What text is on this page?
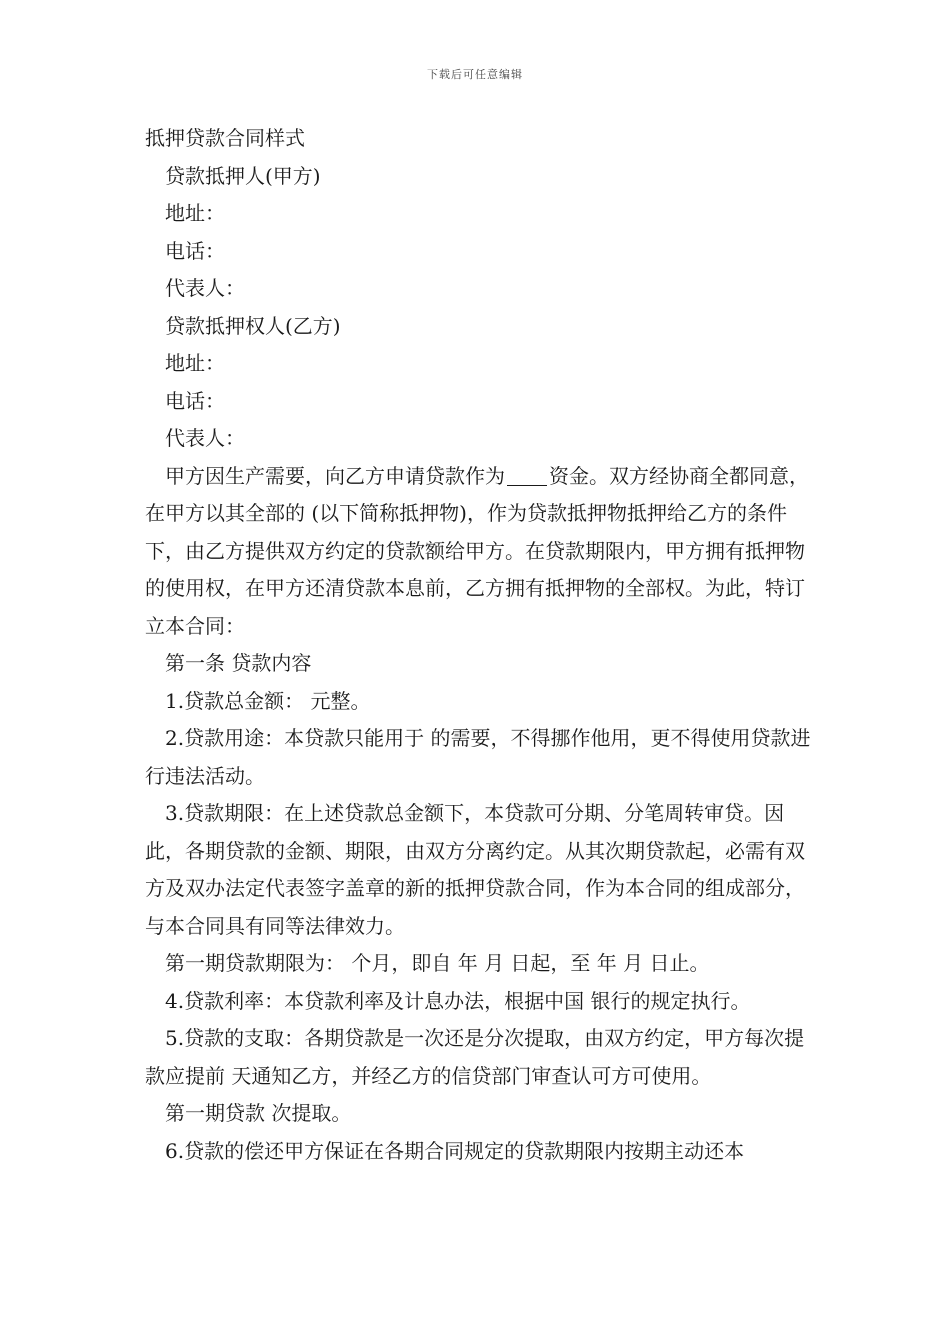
下载后可任意编辑

抵押贷款合同样式

贷款抵押人(甲方)

地址：

电话：

代表人：

贷款抵押权人(乙方)

地址：

电话：

代表人：

甲方因生产需要，向乙方申请贷款作为 资金。双方经协商全都同意，在甲方以其全部的 (以下简称抵押物)，作为贷款抵押物抵押给乙方的条件下，由乙方提供双方约定的贷款额给甲方。在贷款期限内，甲方拥有抵押物的使用权，在甲方还清贷款本息前，乙方拥有抵押物的全部权。为此，特订立本合同：

第一条 贷款内容

1.贷款总金额： 元整。

2.贷款用途：本贷款只能用于 的需要，不得挪作他用，更不得使用贷款进行违法活动。

3.贷款期限：在上述贷款总金额下，本贷款可分期、分笔周转审贷。因此，各期贷款的金额、期限，由双方分离约定。从其次期贷款起，必需有双方及双办法定代表签字盖章的新的抵押贷款合同，作为本合同的组成部分，与本合同具有同等法律效力。

第一期贷款期限为： 个月，即自 年 月 日起，至 年 月 日止。

4.贷款利率：本贷款利率及计息办法，根据中国 银行的规定执行。

5.贷款的支取：各期贷款是一次还是分次提取，由双方约定，甲方每次提款应提前 天通知乙方，并经乙方的信贷部门审查认可方可使用。

第一期贷款 次提取。

6.贷款的偿还甲方保证在各期合同规定的贷款期限内按期主动还本
